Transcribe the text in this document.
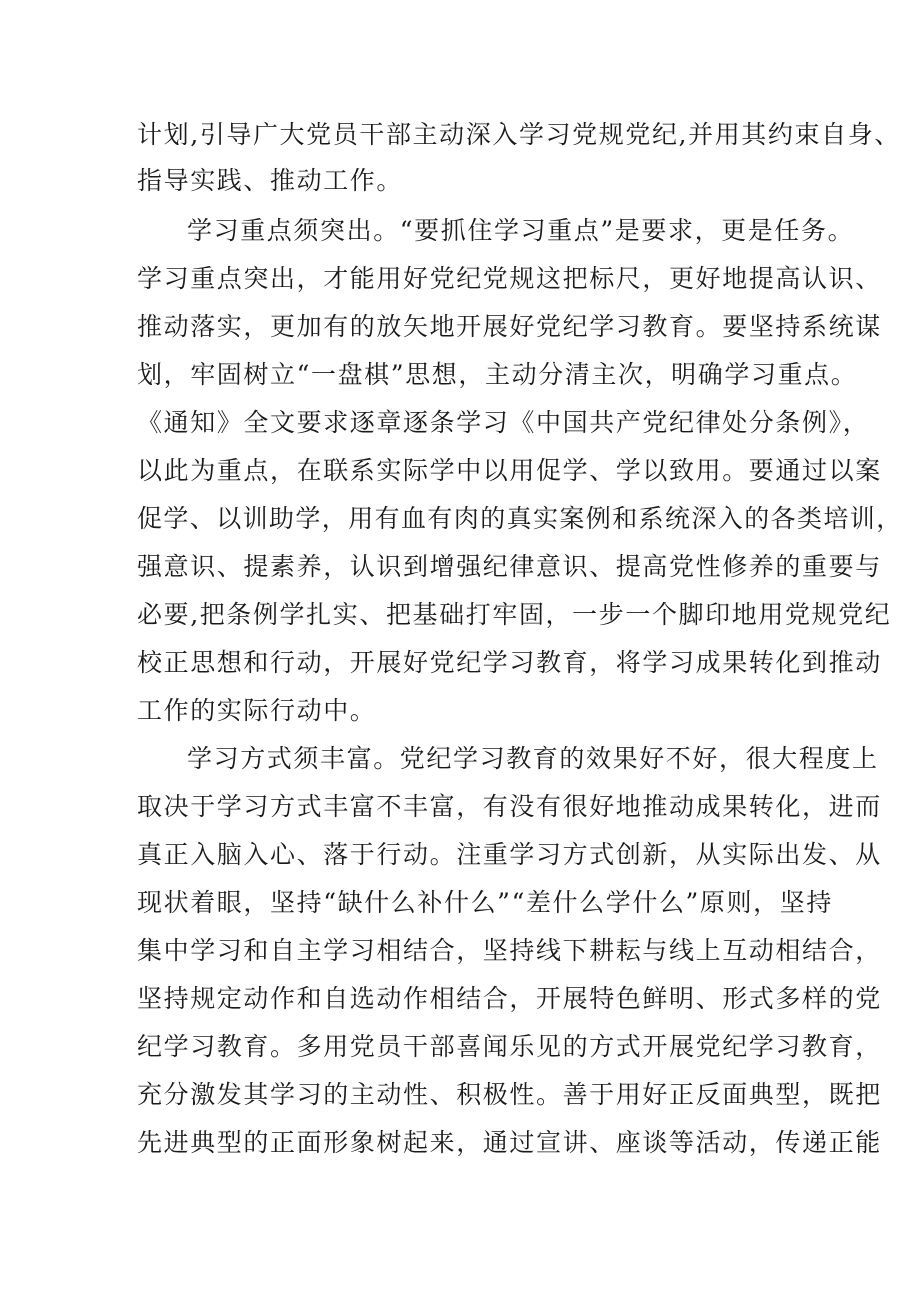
计划,引导广大党员干部主动深入学习党规党纪,并用其约束自身、

指导实践、推动工作。

学习重点须突出。“要抓住学习重点”是要求，更是任务。

学习重点突出，才能用好党纪党规这把标尺，更好地提高认识、

推动落实，更加有的放矢地开展好党纪学习教育。要坚持系统谋

划，牢固树立“一盘棋”思想，主动分清主次，明确学习重点。

《通知》全文要求逐章逐条学习《中国共产党纪律处分条例》，

以此为重点，在联系实际学中以用促学、学以致用。要通过以案

促学、以训助学，用有血有肉的真实案例和系统深入的各类培训，

强意识、提素养，认识到增强纪律意识、提高党性修养的重要与

必要,把条例学扎实、把基础打牢固，一步一个脚印地用党规党纪

校正思想和行动，开展好党纪学习教育，将学习成果转化到推动

工作的实际行动中。

学习方式须丰富。党纪学习教育的效果好不好，很大程度上

取决于学习方式丰富不丰富，有没有很好地推动成果转化，进而

真正入脑入心、落于行动。注重学习方式创新，从实际出发、从

现状着眼，坚持“缺什么补什么”“差什么学什么”原则，坚持

集中学习和自主学习相结合，坚持线下耕耘与线上互动相结合，

坚持规定动作和自选动作相结合，开展特色鲜明、形式多样的党

纪学习教育。多用党员干部喜闻乐见的方式开展党纪学习教育，

充分激发其学习的主动性、积极性。善于用好正反面典型，既把

先进典型的正面形象树起来，通过宣讲、座谈等活动，传递正能
